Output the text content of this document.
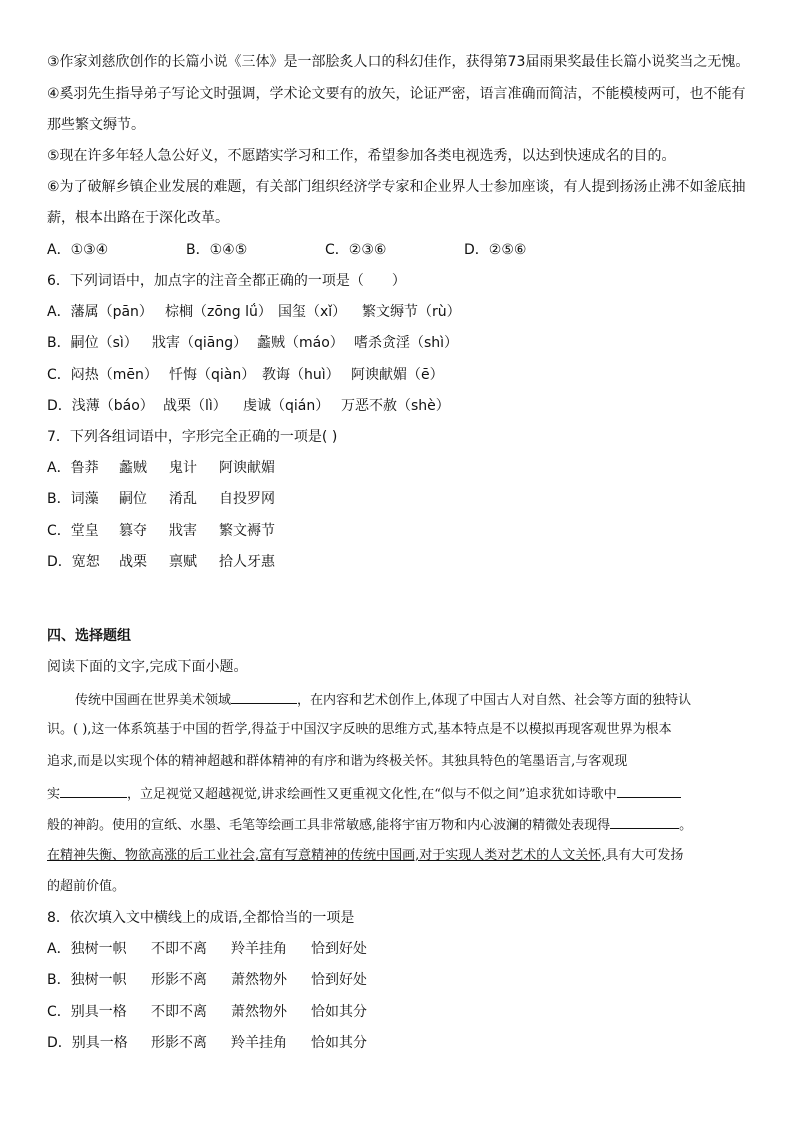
③作家刘慈欣创作的长篇小说《三体》是一部脍炙人口的科幻佳作，获得第73届雨果奖最佳长篇小说奖当之无愧。
④奚羽先生指导弟子写论文时强调，学术论文要有的放矢，论证严密，语言准确而简洁，不能模棱两可，也不能有
那些繁文缛节。
⑤现在许多年轻人急公好义，不愿踏实学习和工作，希望参加各类电视选秀，以达到快速成名的目的。
⑥为了破解乡镇企业发展的难题，有关部门组织经济学专家和企业界人士参加座谈，有人提到扬汤止沸不如釜底抽
薪，根本出路在于深化改革。
A．①③④	B．①④⑤	C．②③⑥	D．②⑤⑥
6．下列词语中，加点字的注音全都正确的一项是（　　）
A．藩属（pān） 棕榈（zōng lǘ） 国玺（xǐ） 繁文缛节（rù）
B．嗣位（sì） 戕害（qiāng） 蠡贼（máo） 嗜杀贪淫（shì）
C．闷热（mēn） 忏悔（qiàn） 教诲（huì） 阿谀献媚（ē）
D．浅薄（báo） 战栗（lì） 虔诚（qián） 万恶不赦（shè）
7．下列各组词语中，字形完全正确的一项是( )
A．鲁莽 蠡贼 鬼计 阿谀献媚
B．词藻 嗣位 淆乱 自投罗网
C．堂皇 篡夺 戕害 繁文褥节
D．宽恕 战栗 禀赋 拾人牙惠
四、选择题组
阅读下面的文字,完成下面小题。
传统中国画在世界美术领域	，在内容和艺术创作上,体现了中国古人对自然、社会等方面的独特认
识。( ),这一体系筑基于中国的哲学,得益于中国汉字反映的思维方式,基本特点是不以模拟再现客观世界为根本
追求,而是以实现个体的精神超越和群体精神的有序和谐为终极关怀。其独具特色的笔墨语言,与客观现
实	，立足视觉又超越视觉,讲求绘画性又更重视文化性,在“似与不似之间”追求犹如诗歌中
般的神韵。使用的宣纸、水墨、毛笔等绘画工具非常敏感,能将宇宙万物和内心波澜的精微处表现得	。
在精神失衡、物欲高涨的后工业社会,富有写意精神的传统中国画,对于实现人类对艺术的人文关怀,具有大可发扬
的超前价值。
8．依次填入文中横线上的成语,全都恰当的一项是
A．独树一帜 不即不离 羚羊挂角 恰到好处
B．独树一帜 形影不离 萧然物外 恰到好处
C．别具一格 不即不离 萧然物外 恰如其分
D．别具一格 形影不离 羚羊挂角 恰如其分
